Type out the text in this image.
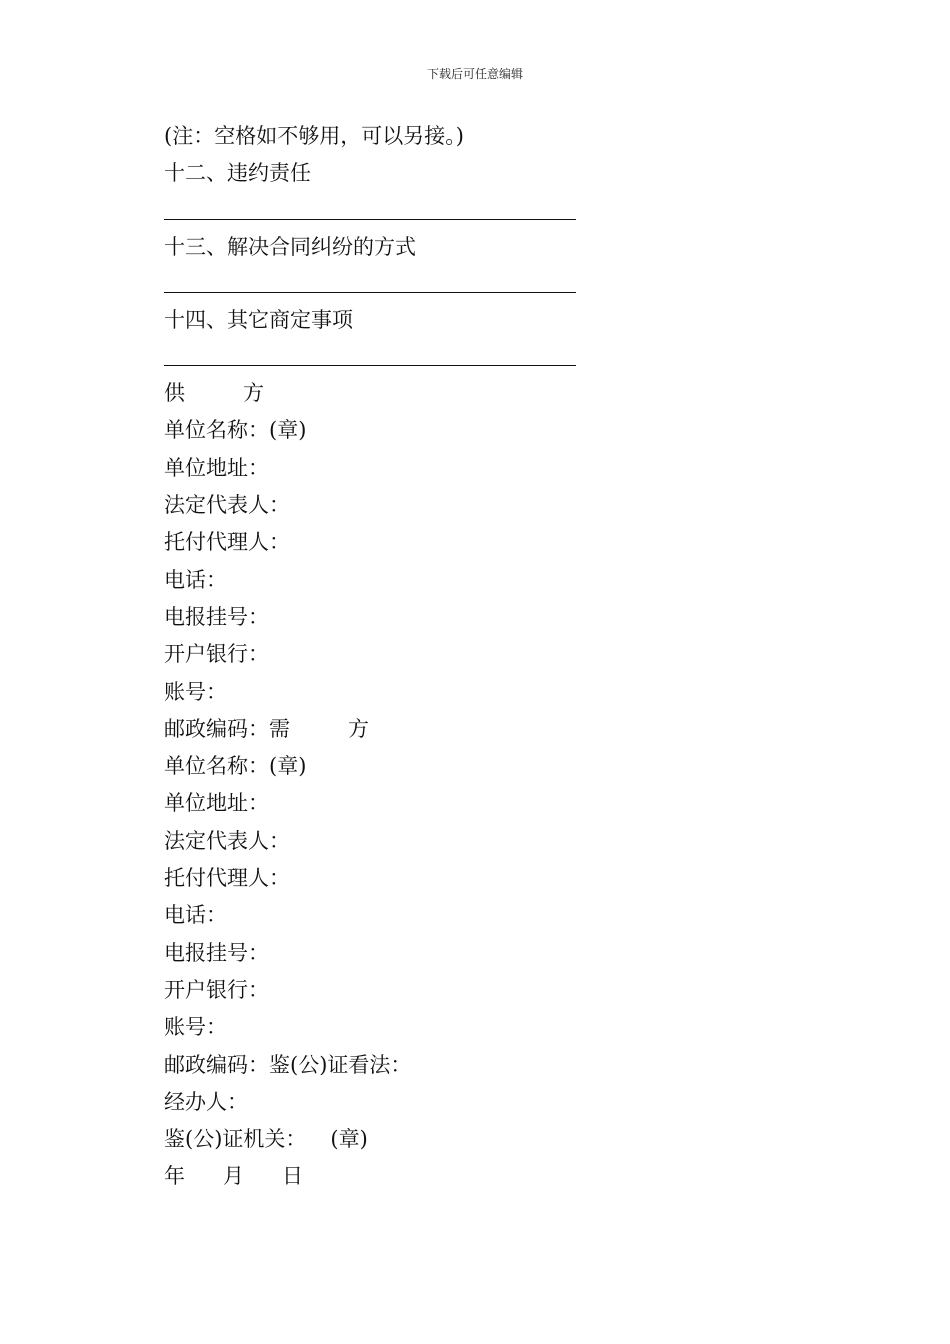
下载后可任意编辑
(注：空格如不够用，可以另接。)
十二、违约责任
十三、解决合同纠纷的方式
十四、其它商定事项
供	方
单位名称：(章)
单位地址：
法定代表人：
托付代理人：
电话：
电报挂号：
开户银行：
账号：
邮政编码：需	方
单位名称：(章)
单位地址：
法定代表人：
托付代理人：
电话：
电报挂号：
开户银行：
账号：
邮政编码：鉴(公)证看法：
经办人：
鉴(公)证机关： (章)
年 月 日
